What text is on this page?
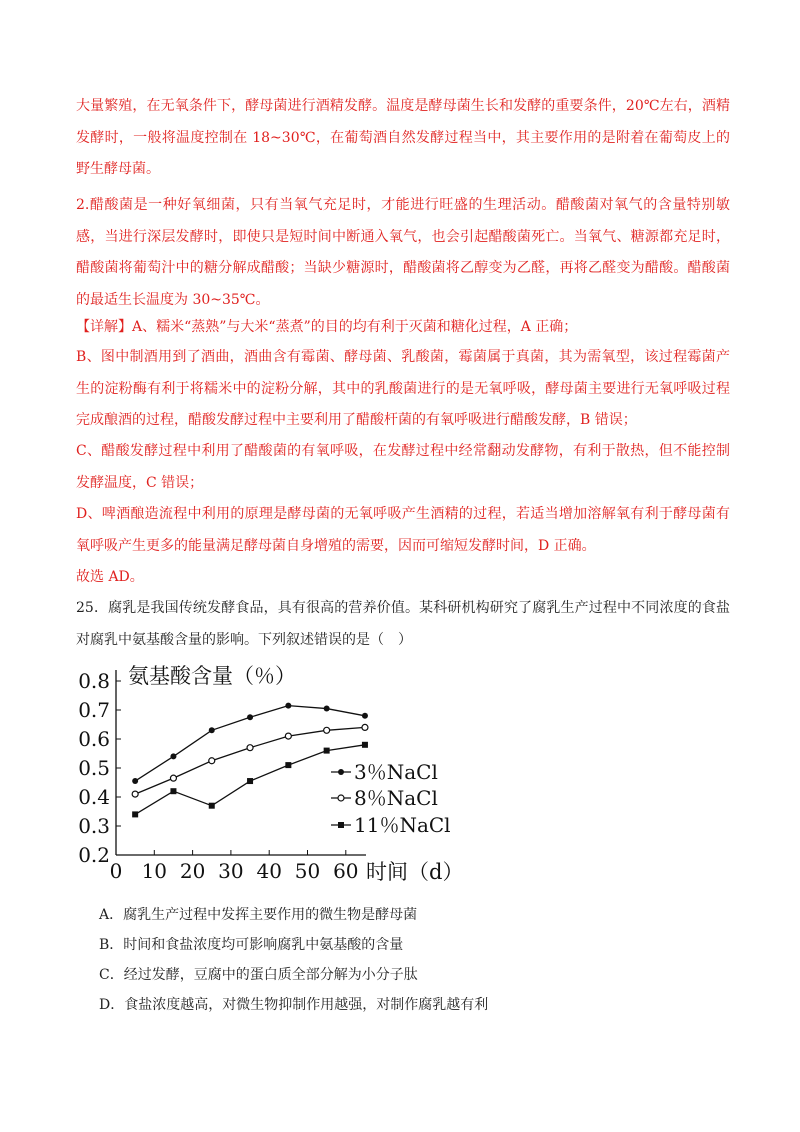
大量繁殖，在无氧条件下，酵母菌进行酒精发酵。温度是酵母菌生长和发酵的重要条件，20℃左右，酒精发酵时，一般将温度控制在 18~30℃，在葡萄酒自然发酵过程当中，其主要作用的是附着在葡萄皮上的野生酵母菌。

2.醋酸菌是一种好氧细菌，只有当氧气充足时，才能进行旺盛的生理活动。醋酸菌对氧气的含量特别敏感，当进行深层发酵时，即使只是短时间中断通入氧气，也会引起醋酸菌死亡。当氧气、糖源都充足时，醋酸菌将葡萄汁中的糖分解成醋酸；当缺少糖源时，醋酸菌将乙醇变为乙醛，再将乙醛变为醋酸。醋酸菌的最适生长温度为 30~35℃。

【详解】A、糯米“蒸熟”与大米“蒸煮”的目的均有利于灭菌和糖化过程，A 正确；

B、图中制酒用到了酒曲，酒曲含有霉菌、酵母菌、乳酸菌，霉菌属于真菌，其为需氧型，该过程霉菌产生的淀粉酶有利于将糯米中的淀粉分解，其中的乳酸菌进行的是无氧呼吸，酵母菌主要进行无氧呼吸过程完成酿酒的过程，醋酸发酵过程中主要利用了醋酸杆菌的有氧呼吸进行醋酸发酵，B 错误；

C、醋酸发酵过程中利用了醋酸菌的有氧呼吸，在发酵过程中经常翻动发酵物，有利于散热，但不能控制发酵温度，C 错误；

D、啤酒酿造流程中利用的原理是酵母菌的无氧呼吸产生酒精的过程，若适当增加溶解氧有利于酵母菌有氧呼吸产生更多的能量满足酵母菌自身增殖的需要，因而可缩短发酵时间，D 正确。

故选 AD。

25．腐乳是我国传统发酵食品，具有很高的营养价值。某科研机构研究了腐乳生产过程中不同浓度的食盐对腐乳中氨基酸含量的影响。下列叙述错误的是（　）

0.2
0.3
0.4
0.5
0.6
0.7
0.8
0 10 20 30 40 50 60
3％NaCl
8％NaCl
11％NaCl
氨基酸含量（％）
时间（d）

A．腐乳生产过程中发挥主要作用的微生物是酵母菌

B．时间和食盐浓度均可影响腐乳中氨基酸的含量

C．经过发酵，豆腐中的蛋白质全部分解为小分子肽

D．食盐浓度越高，对微生物抑制作用越强，对制作腐乳越有利
